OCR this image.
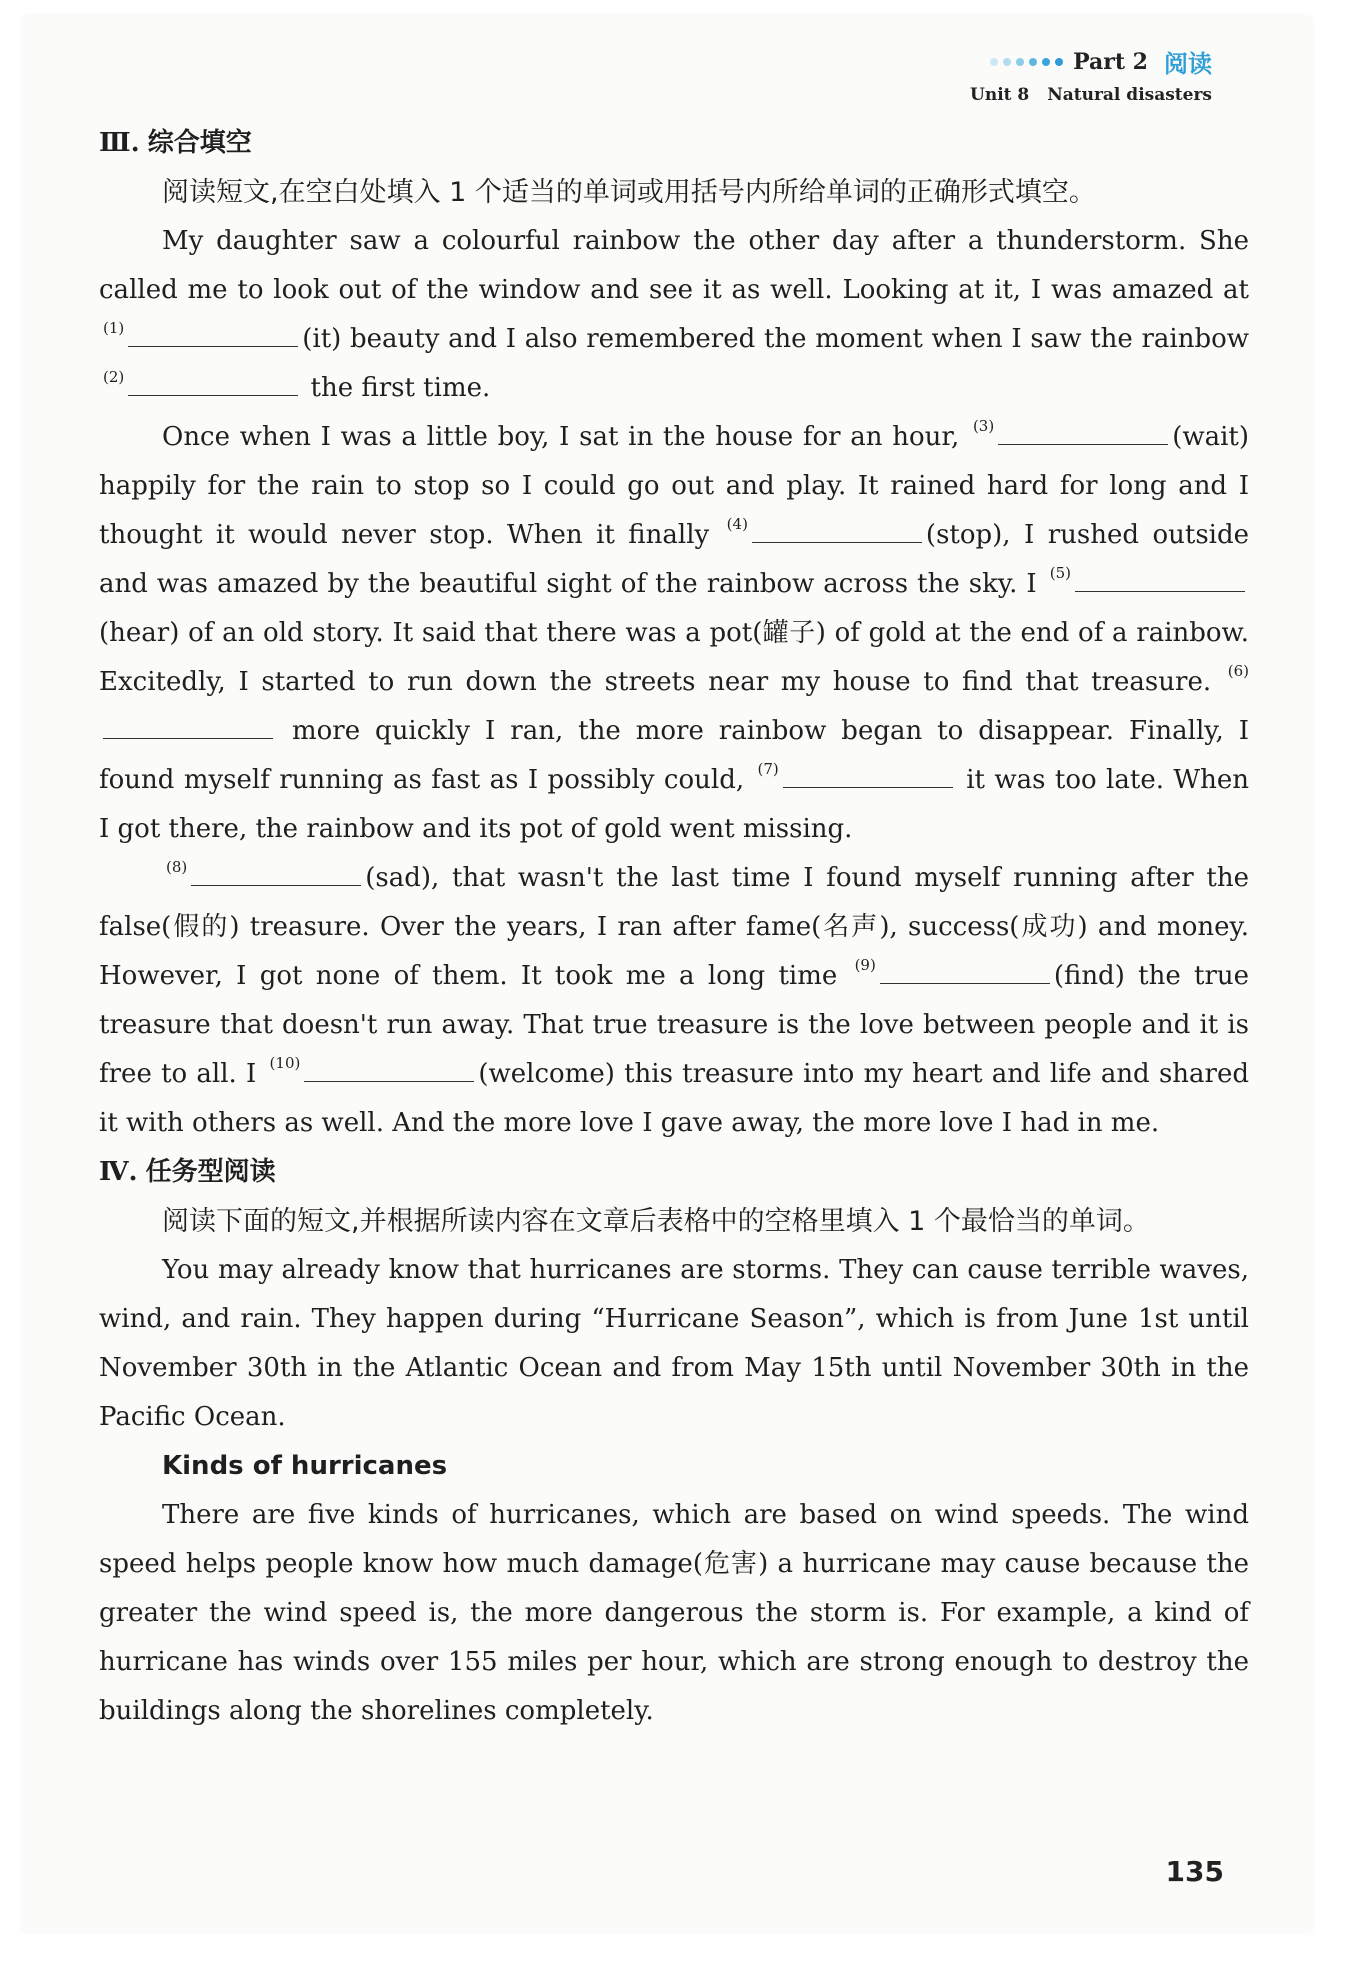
Part 2 阅读
Unit 8 Natural disasters
Ⅲ. 综合填空

阅读短文,在空白处填入 1 个适当的单词或用括号内所给单词的正确形式填空。

My daughter saw a colourful rainbow the other day after a thunderstorm. She called me to look out of the window and see it as well. Looking at it, I was amazed at $^{(1)}$	(it) beauty and I also remembered the moment when I saw the rainbow $^{(2)}$	the first time.

Once when I was a little boy, I sat in the house for an hour, $^{(3)}$	(wait) happily for the rain to stop so I could go out and play. It rained hard for long and I thought it would never stop. When it finally $^{(4)}$	(stop), I rushed outside and was amazed by the beautiful sight of the rainbow across the sky. I $^{(5)}$(hear) of an old story. It said that there was a pot(罐子) of gold at the end of a rainbow. Excitedly, I started to run down the streets near my house to find that treasure. $^{(6)}$ more quickly I ran, the more rainbow began to disappear. Finally, I found myself running as fast as I possibly could, $^{(7)}$	it was too late. When I got there, the rainbow and its pot of gold went missing.

$^{(8)}$	(sad), that wasn't the last time I found myself running after the false(假的) treasure. Over the years, I ran after fame(名声), success(成功) and money. However, I got none of them. It took me a long time $^{(9)}$	(find) the true treasure that doesn't run away. That true treasure is the love between people and it is free to all. I $^{(10)}$	(welcome) this treasure into my heart and life and shared it with others as well. And the more love I gave away, the more love I had in me.

Ⅳ. 任务型阅读

阅读下面的短文,并根据所读内容在文章后表格中的空格里填入 1 个最恰当的单词。

You may already know that hurricanes are storms. They can cause terrible waves, wind, and rain. They happen during “Hurricane Season”, which is from June 1st until November 30th in the Atlantic Ocean and from May 15th until November 30th in the Pacific Ocean.

Kinds of hurricanes

There are five kinds of hurricanes, which are based on wind speeds. The wind speed helps people know how much damage(危害) a hurricane may cause because the greater the wind speed is, the more dangerous the storm is. For example, a kind of hurricane has winds over 155 miles per hour, which are strong enough to destroy the buildings along the shorelines completely.

135
